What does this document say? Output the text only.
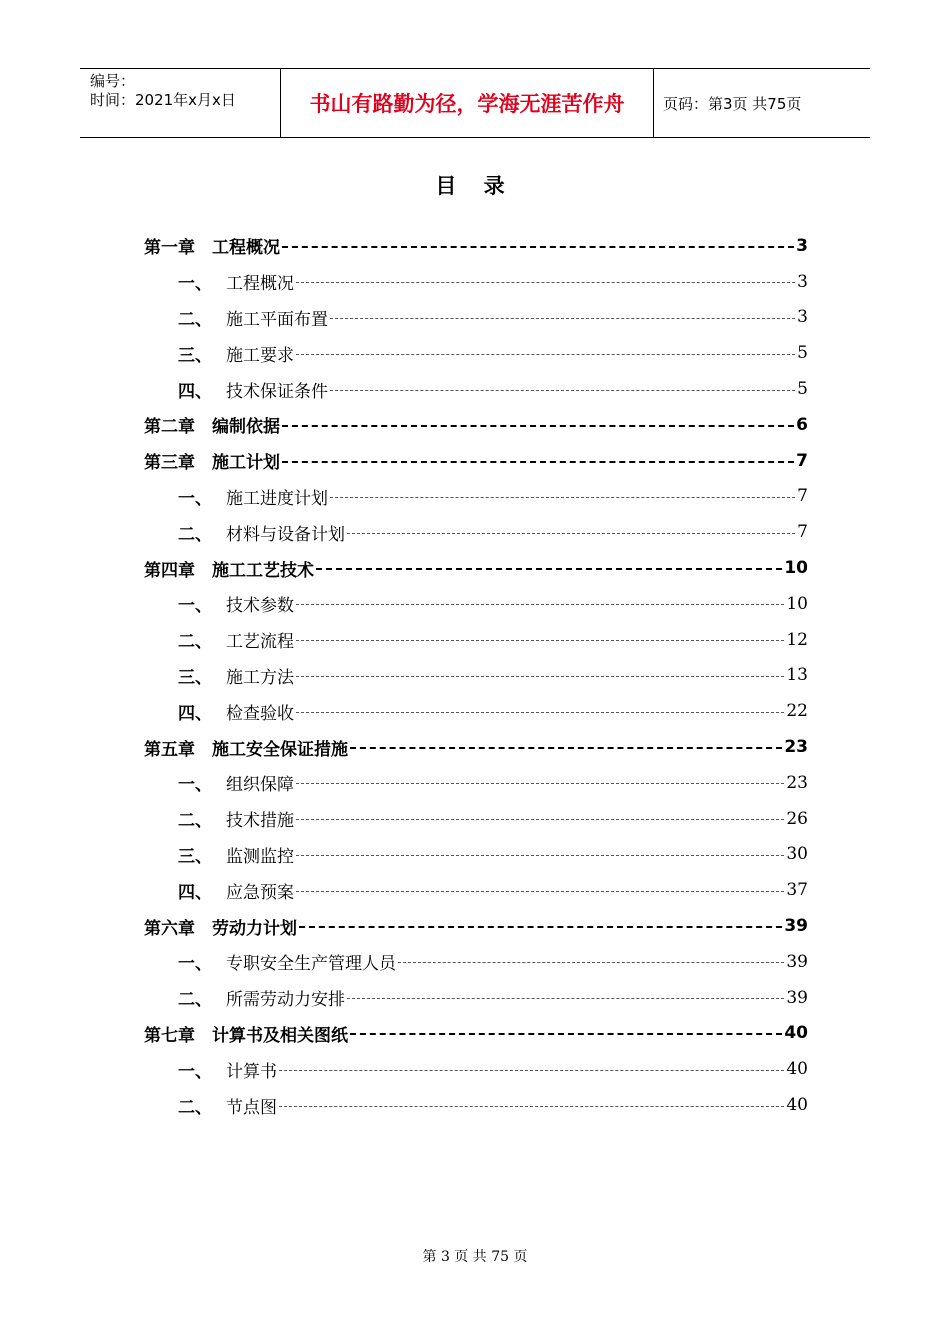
编号：
时间：2021年x月x日	书山有路勤为径，学海无涯苦作舟	页码：第3页 共75页
目 录
第一章	工程概况	3
一、 工程概况	3
二、 施工平面布置	3
三、 施工要求	5
四、 技术保证条件	5
第二章	编制依据	6
第三章	施工计划	7
一、 施工进度计划	7
二、 材料与设备计划	7
第四章	施工工艺技术	10
一、 技术参数	10
二、 工艺流程	12
三、 施工方法	13
四、 检查验收	22
第五章	施工安全保证措施	23
一、 组织保障	23
二、 技术措施	26
三、 监测监控	30
四、 应急预案	37
第六章	劳动力计划	39
一、 专职安全生产管理人员	39
二、 所需劳动力安排	39
第七章	计算书及相关图纸	40
一、 计算书	40
二、 节点图	40
第 3 页 共 75 页
